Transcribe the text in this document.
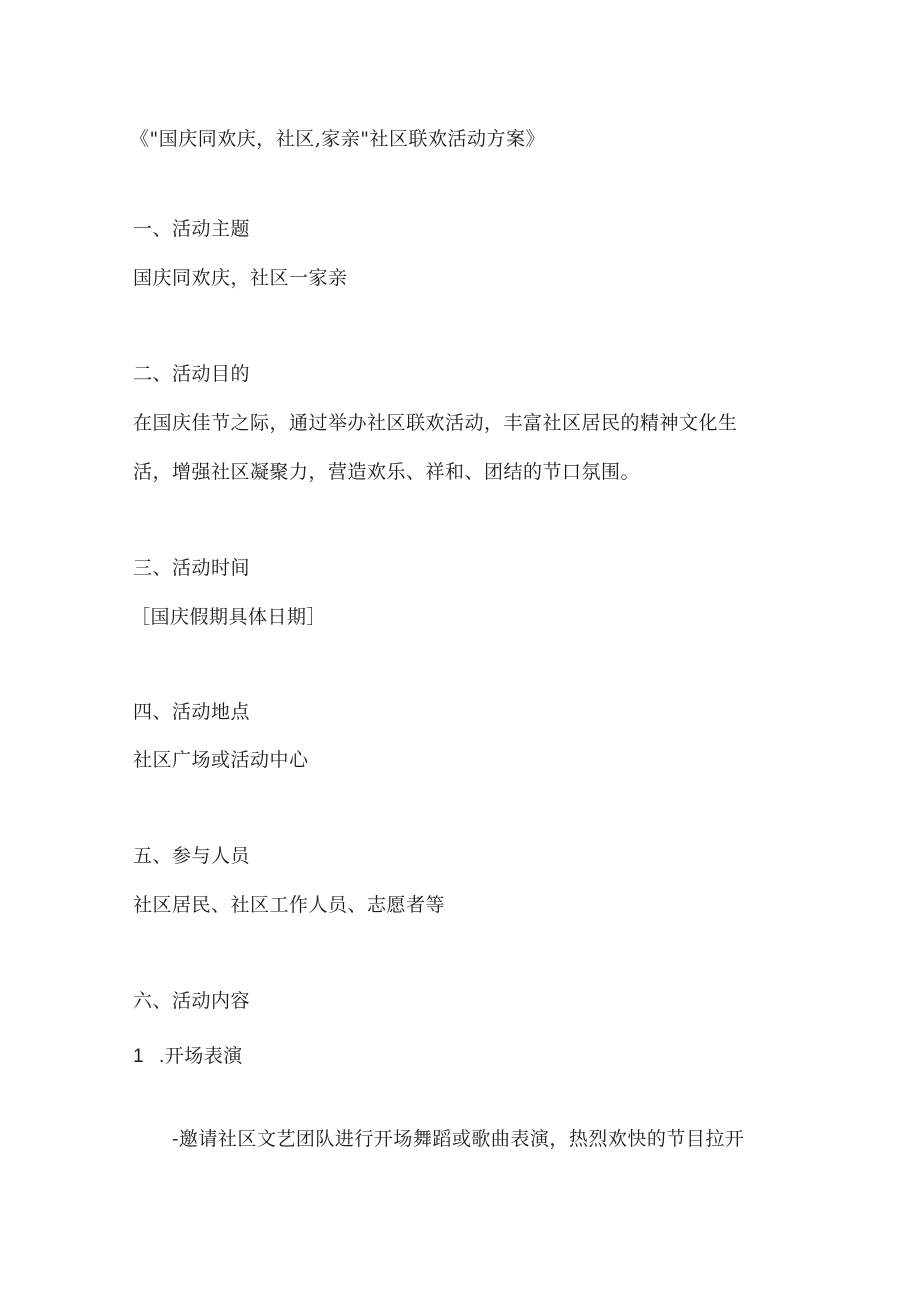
《"国庆同欢庆，社区,家亲"社区联欢活动方案》
一、活动主题
国庆同欢庆，社区一家亲
二、活动目的
在国庆佳节之际，通过举办社区联欢活动，丰富社区居民的精神文化生
活，增强社区凝聚力，营造欢乐、祥和、团结的节口氛围。
三、活动时间
［国庆假期具体日期］
四、活动地点
社区广场或活动中心
五、参与人员
社区居民、社区工作人员、志愿者等
六、活动内容
1 .开场表演
-邀请社区文艺团队进行开场舞蹈或歌曲表演，热烈欢快的节目拉开
